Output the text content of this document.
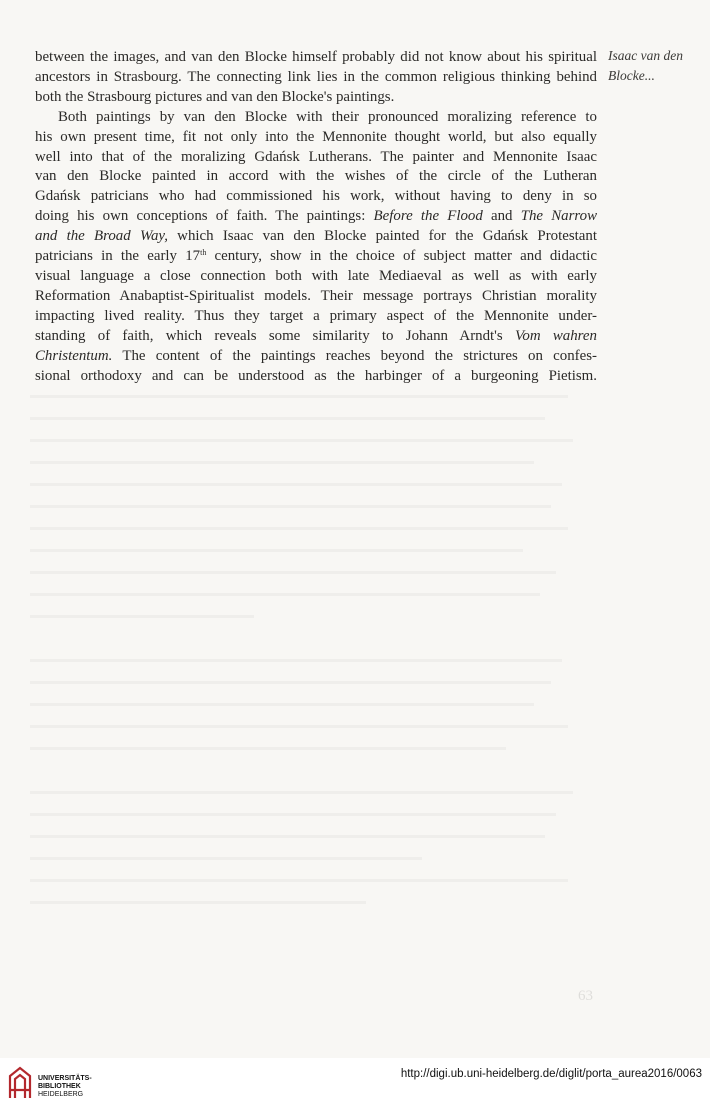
Isaac van den
Blocke...
between the images, and van den Blocke himself probably did not know about his spiritual
ancestors in Strasbourg. The connecting link lies in the common religious thinking behind
both the Strasbourg pictures and van den Blocke's paintings.
Both paintings by van den Blocke with their pronounced moralizing reference to
his own present time, fit not only into the Mennonite thought world, but also equally
well into that of the moralizing Gdańsk Lutherans. The painter and Mennonite Isaac
van den Blocke painted in accord with the wishes of the circle of the Lutheran
Gdańsk patricians who had commissioned his work, without having to deny in so
doing his own conceptions of faith. The paintings: Before the Flood and The Narrow
and the Broad Way, which Isaac van den Blocke painted for the Gdańsk Protestant
patricians in the early 17th century, show in the choice of subject matter and didactic
visual language a close connection both with late Mediaeval as well as with early
Reformation Anabaptist-Spiritualist models. Their message portrays Christian morality
impacting lived reality. Thus they target a primary aspect of the Mennonite under-
standing of faith, which reveals some similarity to Johann Arndt's Vom wahren
Christentum. The content of the paintings reaches beyond the strictures on confes-
sional orthodoxy and can be understood as the harbinger of a burgeoning Pietism.
63
UNIVERSITÄTS-
BIBLIOTHEK
HEIDELBERG
http://digi.ub.uni-heidelberg.de/diglit/porta_aurea2016/0063
